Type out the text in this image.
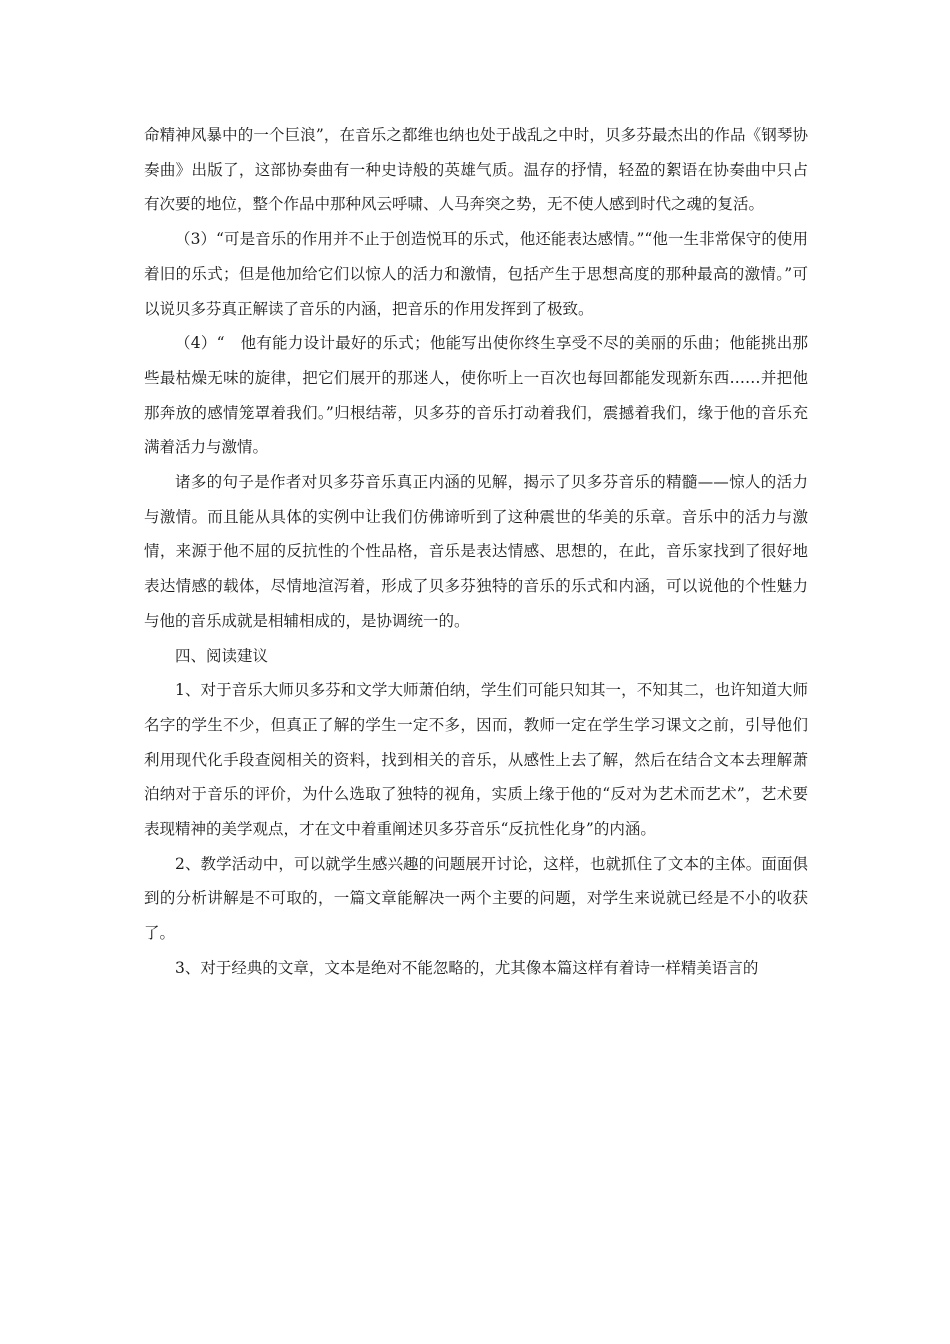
命精神风暴中的一个巨浪”，在音乐之都维也纳也处于战乱之中时，贝多芬最杰出的作品《钢琴协奏曲》出版了，这部协奏曲有一种史诗般的英雄气质。温存的抒情，轻盈的絮语在协奏曲中只占有次要的地位，整个作品中那种风云呼啸、人马奔突之势，无不使人感到时代之魂的复活。

（3）“可是音乐的作用并不止于创造悦耳的乐式，他还能表达感情。”“他一生非常保守的使用着旧的乐式；但是他加给它们以惊人的活力和激情，包括产生于思想高度的那种最高的激情。”可以说贝多芬真正解读了音乐的内涵，把音乐的作用发挥到了极致。

（4）“　他有能力设计最好的乐式；他能写出使你终生享受不尽的美丽的乐曲；他能挑出那些最枯燥无味的旋律，把它们展开的那迷人，使你听上一百次也每回都能发现新东西……并把他那奔放的感情笼罩着我们。”归根结蒂，贝多芬的音乐打动着我们，震撼着我们，缘于他的音乐充满着活力与激情。

诸多的句子是作者对贝多芬音乐真正内涵的见解，揭示了贝多芬音乐的精髓——惊人的活力与激情。而且能从具体的实例中让我们仿佛谛听到了这种震世的华美的乐章。音乐中的活力与激情，来源于他不屈的反抗性的个性品格，音乐是表达情感、思想的，在此，音乐家找到了很好地表达情感的载体，尽情地渲泻着，形成了贝多芬独特的音乐的乐式和内涵，可以说他的个性魅力与他的音乐成就是相辅相成的，是协调统一的。

四、阅读建议

1、对于音乐大师贝多芬和文学大师萧伯纳，学生们可能只知其一，不知其二，也许知道大师名字的学生不少，但真正了解的学生一定不多，因而，教师一定在学生学习课文之前，引导他们利用现代化手段查阅相关的资料，找到相关的音乐，从感性上去了解，然后在结合文本去理解萧泊纳对于音乐的评价，为什么选取了独特的视角，实质上缘于他的“反对为艺术而艺术”，艺术要表现精神的美学观点，才在文中着重阐述贝多芬音乐“反抗性化身”的内涵。

2、教学活动中，可以就学生感兴趣的问题展开讨论，这样，也就抓住了文本的主体。面面俱到的分析讲解是不可取的，一篇文章能解决一两个主要的问题，对学生来说就已经是不小的收获了。

3、对于经典的文章，文本是绝对不能忽略的，尤其像本篇这样有着诗一样精美语言的
